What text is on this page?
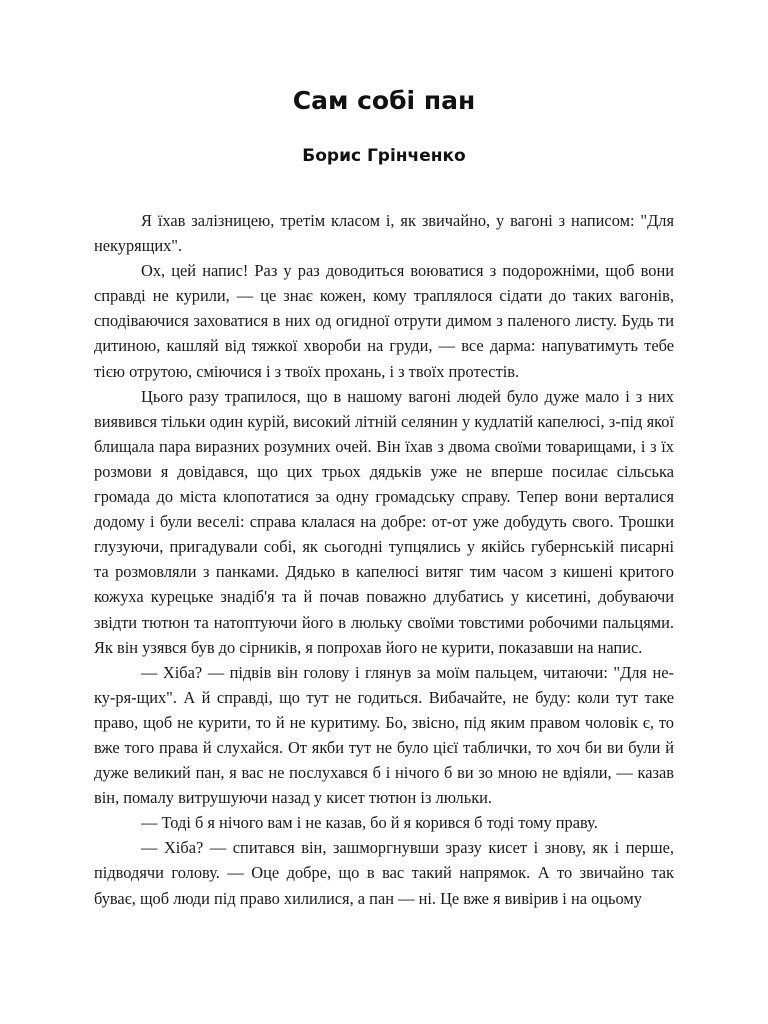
Сам собі пан
Борис Грінченко

Я їхав залізницею, третім класом і, як звичайно, у вагоні з написом: "Для некурящих".

Ох, цей напис! Раз у раз доводиться воюватися з подорожніми, щоб вони справді не курили, — це знає кожен, кому траплялося сідати до таких вагонів, сподіваючися заховатися в них од огидної отрути димом з паленого листу. Будь ти дитиною, кашляй від тяжкої хвороби на груди, — все дарма: напуватимуть тебе тією отрутою, сміючися і з твоїх прохань, і з твоїх протестів.

Цього разу трапилося, що в нашому вагоні людей було дуже мало і з них виявився тільки один курій, високий літній селянин у кудлатій капелюсі, з-під якої блищала пара виразних розумних очей. Він їхав з двома своїми товарищами, і з їх розмови я довідався, що цих трьох дядьків уже не вперше посилає сільська громада до міста клопотатися за одну громадську справу. Тепер вони верталися додому і були веселі: справа клалася на добре: от-от уже добудуть свого. Трошки глузуючи, пригадували собі, як сьогодні тупцялись у якійсь губернській писарні та розмовляли з панками. Дядько в капелюсі витяг тим часом з кишені критого кожуха курецьке знадіб'я та й почав поважно длубатись у кисетині, добуваючи звідти тютюн та натоптуючи його в люльку своїми товстими робочими пальцями. Як він узявся був до сірників, я попрохав його не курити, показавши на напис.

— Хіба? — підвів він голову і глянув за моїм пальцем, читаючи: "Для не-ку-ря-щих". А й справді, що тут не годиться. Вибачайте, не буду: коли тут таке право, щоб не курити, то й не куритиму. Бо, звісно, під яким правом чоловік є, то вже того права й слухайся. От якби тут не було цієї таблички, то хоч би ви були й дуже великий пан, я вас не послухався б і нічого б ви зо мною не вдіяли, — казав він, помалу витрушуючи назад у кисет тютюн із люльки.

— Тоді б я нічого вам і не казав, бо й я корився б тоді тому праву.

— Хіба? — спитався він, зашморгнувши зразу кисет і знову, як і перше, підводячи голову. — Оце добре, що в вас такий напрямок. А то звичайно так буває, щоб люди під право хилилися, а пан — ні. Це вже я вивірив і на оцьому
